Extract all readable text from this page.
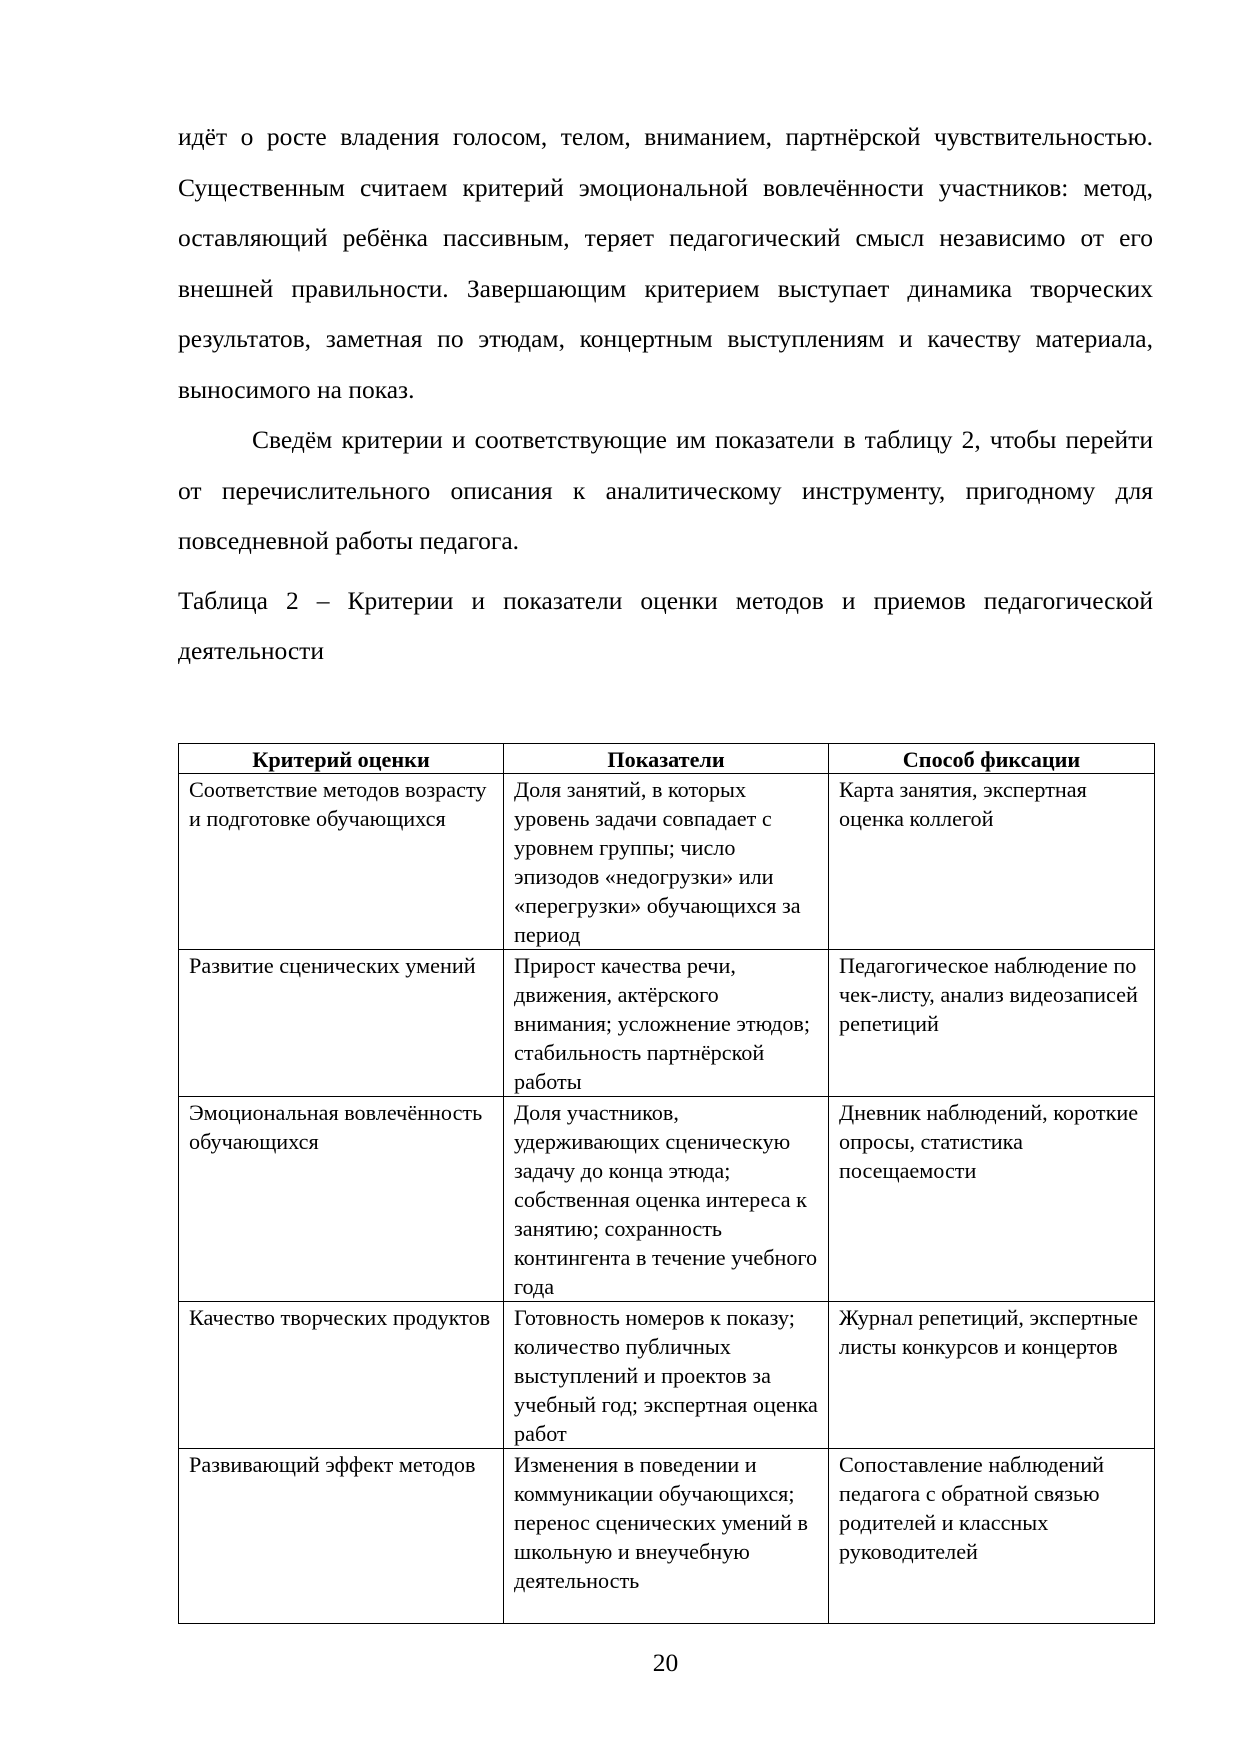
идёт о росте владения голосом, телом, вниманием, партнёрской чувствительностью. Существенным считаем критерий эмоциональной вовлечённости участников: метод, оставляющий ребёнка пассивным, теряет педагогический смысл независимо от его внешней правильности. Завершающим критерием выступает динамика творческих результатов, заметная по этюдам, концертным выступлениям и качеству материала, выносимого на показ.

Сведём критерии и соответствующие им показатели в таблицу 2, чтобы перейти от перечислительного описания к аналитическому инструменту, пригодному для повседневной работы педагога.

Таблица 2 – Критерии и показатели оценки методов и приемов педагогической деятельности

Критерий оценки	Показатели	Способ фиксации
Соответствие методов возрасту и подготовке обучающихся	Доля занятий, в которых уровень задачи совпадает с уровнем группы; число эпизодов «недогрузки» или «перегрузки» обучающихся за период	Карта занятия, экспертная оценка коллегой
Развитие сценических умений	Прирост качества речи, движения, актёрского внимания; усложнение этюдов; стабильность партнёрской работы	Педагогическое наблюдение по чек-листу, анализ видеозаписей репетиций
Эмоциональная вовлечённость обучающихся	Доля участников, удерживающих сценическую задачу до конца этюда; собственная оценка интереса к занятию; сохранность контингента в течение учебного года	Дневник наблюдений, короткие опросы, статистика посещаемости
Качество творческих продуктов	Готовность номеров к показу; количество публичных выступлений и проектов за учебный год; экспертная оценка работ	Журнал репетиций, экспертные листы конкурсов и концертов
Развивающий эффект методов	Изменения в поведении и коммуникации обучающихся; перенос сценических умений в школьную и внеучебную деятельность	Сопоставление наблюдений педагога с обратной связью родителей и классных руководителей
20
